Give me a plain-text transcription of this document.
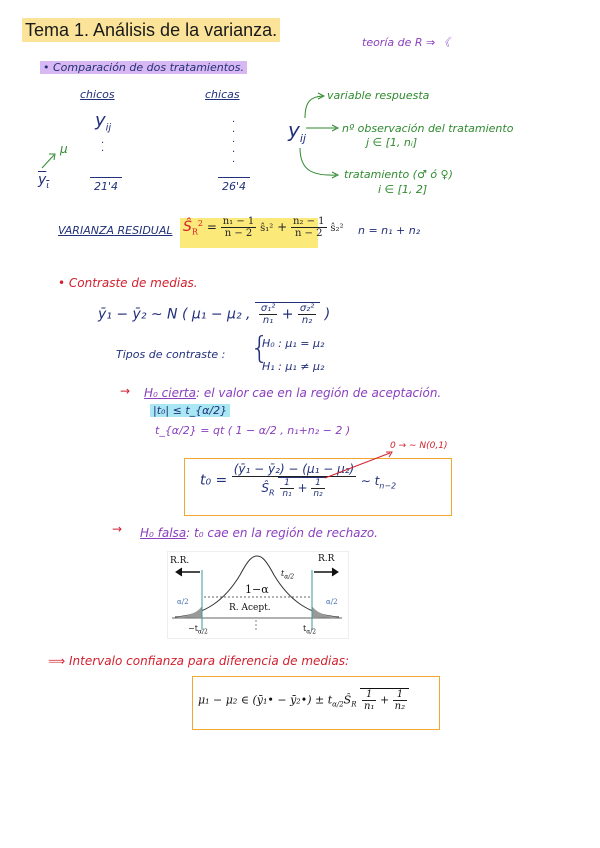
Tema 1. Análisis de la varianza.
teoría de R ⇒ 《
• Comparación de dos tratamientos.
chicos	chicas
$y_{ij}$
·
·
·
·
·
·
·
μ
$y_\iota$	21'4	26'4
$y_{ij}$
variable respuesta
nº observación del tratamiento
j ∈ [1, nᵢ]
tratamiento (♂ ó ♀)
i ∈ [1, 2]
VARIANZA RESIDUAL $Ŝ_R^2 = \frac{\text{n₁ − 1}}{n - 2}$ ŝ₁² + $\frac{\text{n₂ − 1}}{n - 2}$ ŝ₂² n = n₁ + n₂
• Contraste de medias.
ȳ₁ − ȳ₂ ∼ N ( μ₁ − μ₂ , $\frac{\text{σ₁²}}{\text{n₁}} + \frac{\text{σ₂²}}{\text{n₂}}$ )
Tipos de contraste : {
H₀ : μ₁ = μ₂
H₁ : μ₁ ≠ μ₂
→ H₀ cierta: el valor cae en la región de aceptación.
|t₀| ≤ t_{α/2}
t_{α/2} = qt ( 1 − α/2 , n₁+n₂ − 2 )
0 → ∼ N(0,1)
$t_0 = \frac{\text{(ȳ₁ − ȳ₂) − (μ₁ − μ₂)}}{Ŝ_R \frac{1}{\text{n₁}} + \frac{1}{\text{n₂}}}$ ∼ $t_{n-2}$
→ H₀ falsa: t₀ cae en la región de rechazo.
R.R.	R.R
α/2	α/2
1−α
$t_{\alpha/2}$
R. Acept.
$-t_{\alpha/2}$	$t_{\alpha/2}$
⟹ Intervalo confianza para diferencia de medias:
μ₁ − μ₂ ∈ (ȳ₁• − ȳ₂•) ± $t_{\alpha/2}Ŝ_R \frac{1}{\text{n₁}} + \frac{1}{\text{n₂}}$
